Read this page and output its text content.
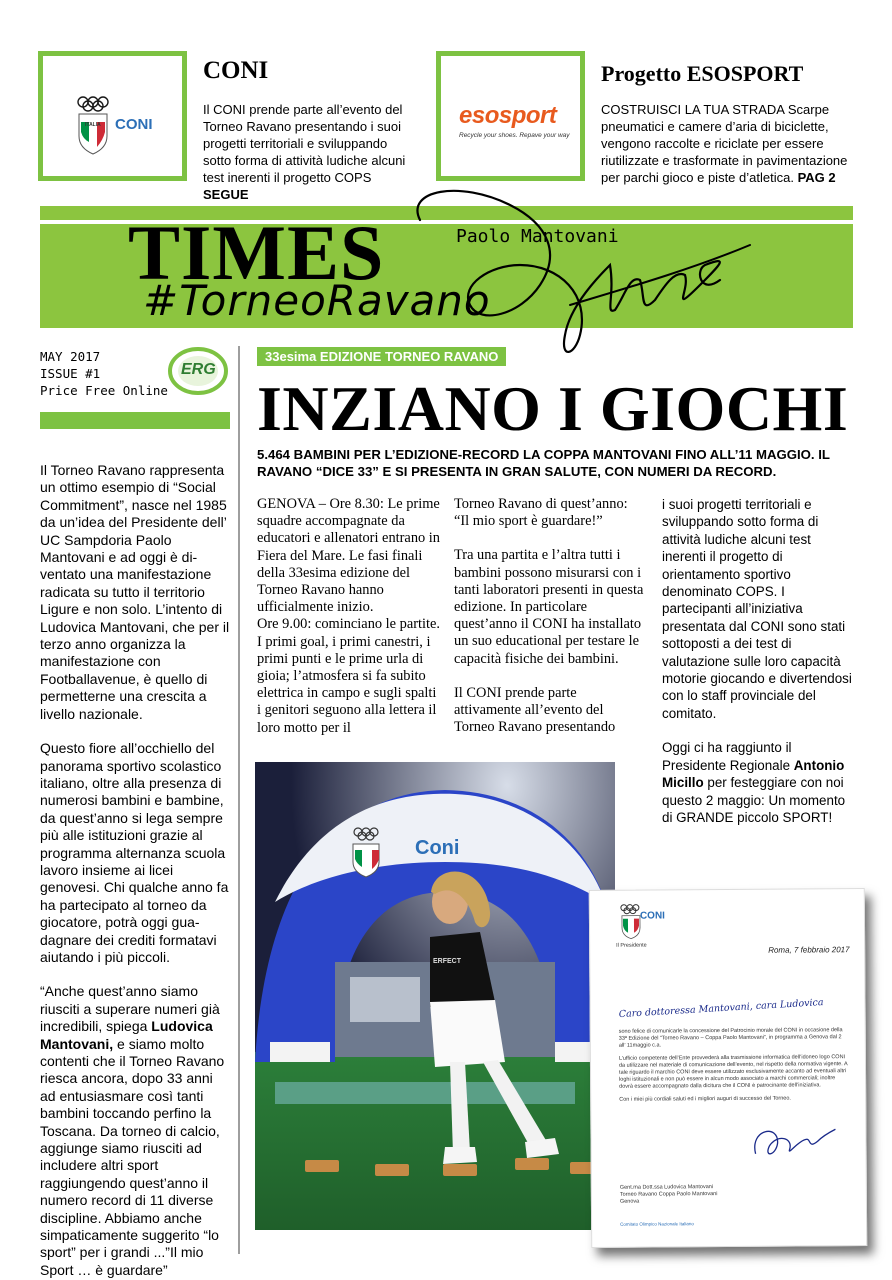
CONI
ITALIA
CONI
Il CONI prende parte all’evento del Torneo Ravano presentando i suoi progetti territoriali e sviluppando sotto forma di attività ludiche alcuni test inerenti il progetto COPS SEGUE
esosport
Recycle your shoes. Repave your way
Progetto ESOSPORT
COSTRUISCI LA TUA STRADA Scarpe pneumatici e camere d’aria di biciclette, vengono raccolte e riciclate per essere riutilizzate e trasformate in pavimentazione per parchi gioco e piste d’atletica. PAG 2
TIMES
#TorneoRavano
Paolo Mantovani
MAY 2017
ISSUE #1
Price Free Online
ERG
33esima EDIZIONE TORNEO RAVANO
INZIANO I GIOCHI
5.464 BAMBINI PER L’EDIZIONE-RECORD LA COPPA MANTOVANI FINO ALL’11 MAGGIO. IL RAVANO “DICE 33” E SI PRESENTA IN GRAN SALUTE, CON NUMERI DA RECORD.
GENOVA – Ore 8.30: Le prime squadre accompagnate da educatori e allenatori entrano in Fiera del Mare. Le fasi finali della 33esima edizione del Torneo Ravano hanno ufficialmente inizio.
Ore 9.00: cominciano le partite. I primi goal, i primi canestri, i primi punti e le prime urla di gioia; l’atmosfera si fa subito elettrica in campo e sugli spalti i genitori seguono alla lettera il loro motto per il
Torneo Ravano di quest’anno: “Il mio sport è guardare!”
Tra una partita e l’altra tutti i bambini possono misurarsi con i tanti laboratori presenti in questa edizione. In particolare quest’anno il CONI ha installato un suo educational per testare le capacità fisiche dei bambini.
Il CONI prende parte attivamente all’evento del Torneo Ravano presentando
i suoi progetti territoriali e sviluppando sotto forma di attività ludiche alcuni test inerenti il progetto di orientamento sportivo denominato COPS. I partecipanti all’iniziativa presentata dal CONI sono stati sottoposti a dei test di valutazione sulle loro capacità motorie giocando e divertendosi con lo staff provinciale del comitato.
Oggi ci ha raggiunto il Presidente Regionale Antonio Micillo per festeggiare con noi questo 2 maggio: Un momento di GRANDE piccolo SPORT!
Il Torneo Ravano rappresenta un ottimo esempio di “Social Commitment”, nasce nel 1985 da un’idea del Presidente dell’ UC Sampdoria Paolo Mantovani e ad oggi è di-ventato una manifestazione radicata su tutto il territorio Ligure e non solo. L’intento di Ludovica Mantovani, che per il terzo anno organizza la manifestazione con Footballavenue, è quello di permetterne una crescita a livello nazionale.
Questo fiore all’occhiello del panorama sportivo scolastico italiano, oltre alla presenza di numerosi bambini e bambine, da quest’anno si lega sempre più alle istituzioni grazie al programma alternanza scuola lavoro insieme ai licei genovesi. Chi qualche anno fa ha partecipato al torneo da giocatore, potrà oggi gua-dagnare dei crediti formatavi aiutando i più piccoli.
“Anche quest’anno siamo riusciti a superare numeri già incredibili, spiega Ludovica Mantovani, e siamo molto contenti che il Torneo Ravano riesca ancora, dopo 33 anni ad entusiasmare così tanti bambini toccando perfino la Toscana. Da torneo di calcio, aggiunge siamo riusciti ad includere altri sport raggiungendo quest’anno il numero record di 11 diverse discipline. Abbiamo anche simpaticamente suggerito “lo sport” per i grandi ...”Il mio Sport … è guardare”
Coni
ERFECT
CONI
Il Presidente	Roma, 7 febbraio 2017
Caro dottoressa Mantovani, cara Ludovica
sono felice di comunicarle la concessione del Patrocinio morale del CONI in occasione della 33ª Edizione del “Torneo Ravano – Coppa Paolo Mantovani”, in programma a Genova dal 2 all’ 11maggio c.a.
L’ufficio competente dell’Ente provvederà alla trasmissione informatica dell’idoneo logo CONI da utilizzare nel materiale di comunicazione dell’evento, nel rispetto della normativa vigente. A tale riguardo il marchio CONI deve essere utilizzato esclusivamente accanto ad eventuali altri loghi istituzionali e non può essere in alcun modo associato a marchi commerciali; inoltre dovrà essere accompagnato dalla dicitura che il CONI è patrocinante dell’iniziativa.
Con i miei più cordiali saluti ed i migliori auguri di successo del Torneo.
Gent.ma Dott.ssa Ludovica Mantovani
Torneo Ravano Coppa Paolo Mantovani
Genova
Comitato Olimpico Nazionale Italiano
